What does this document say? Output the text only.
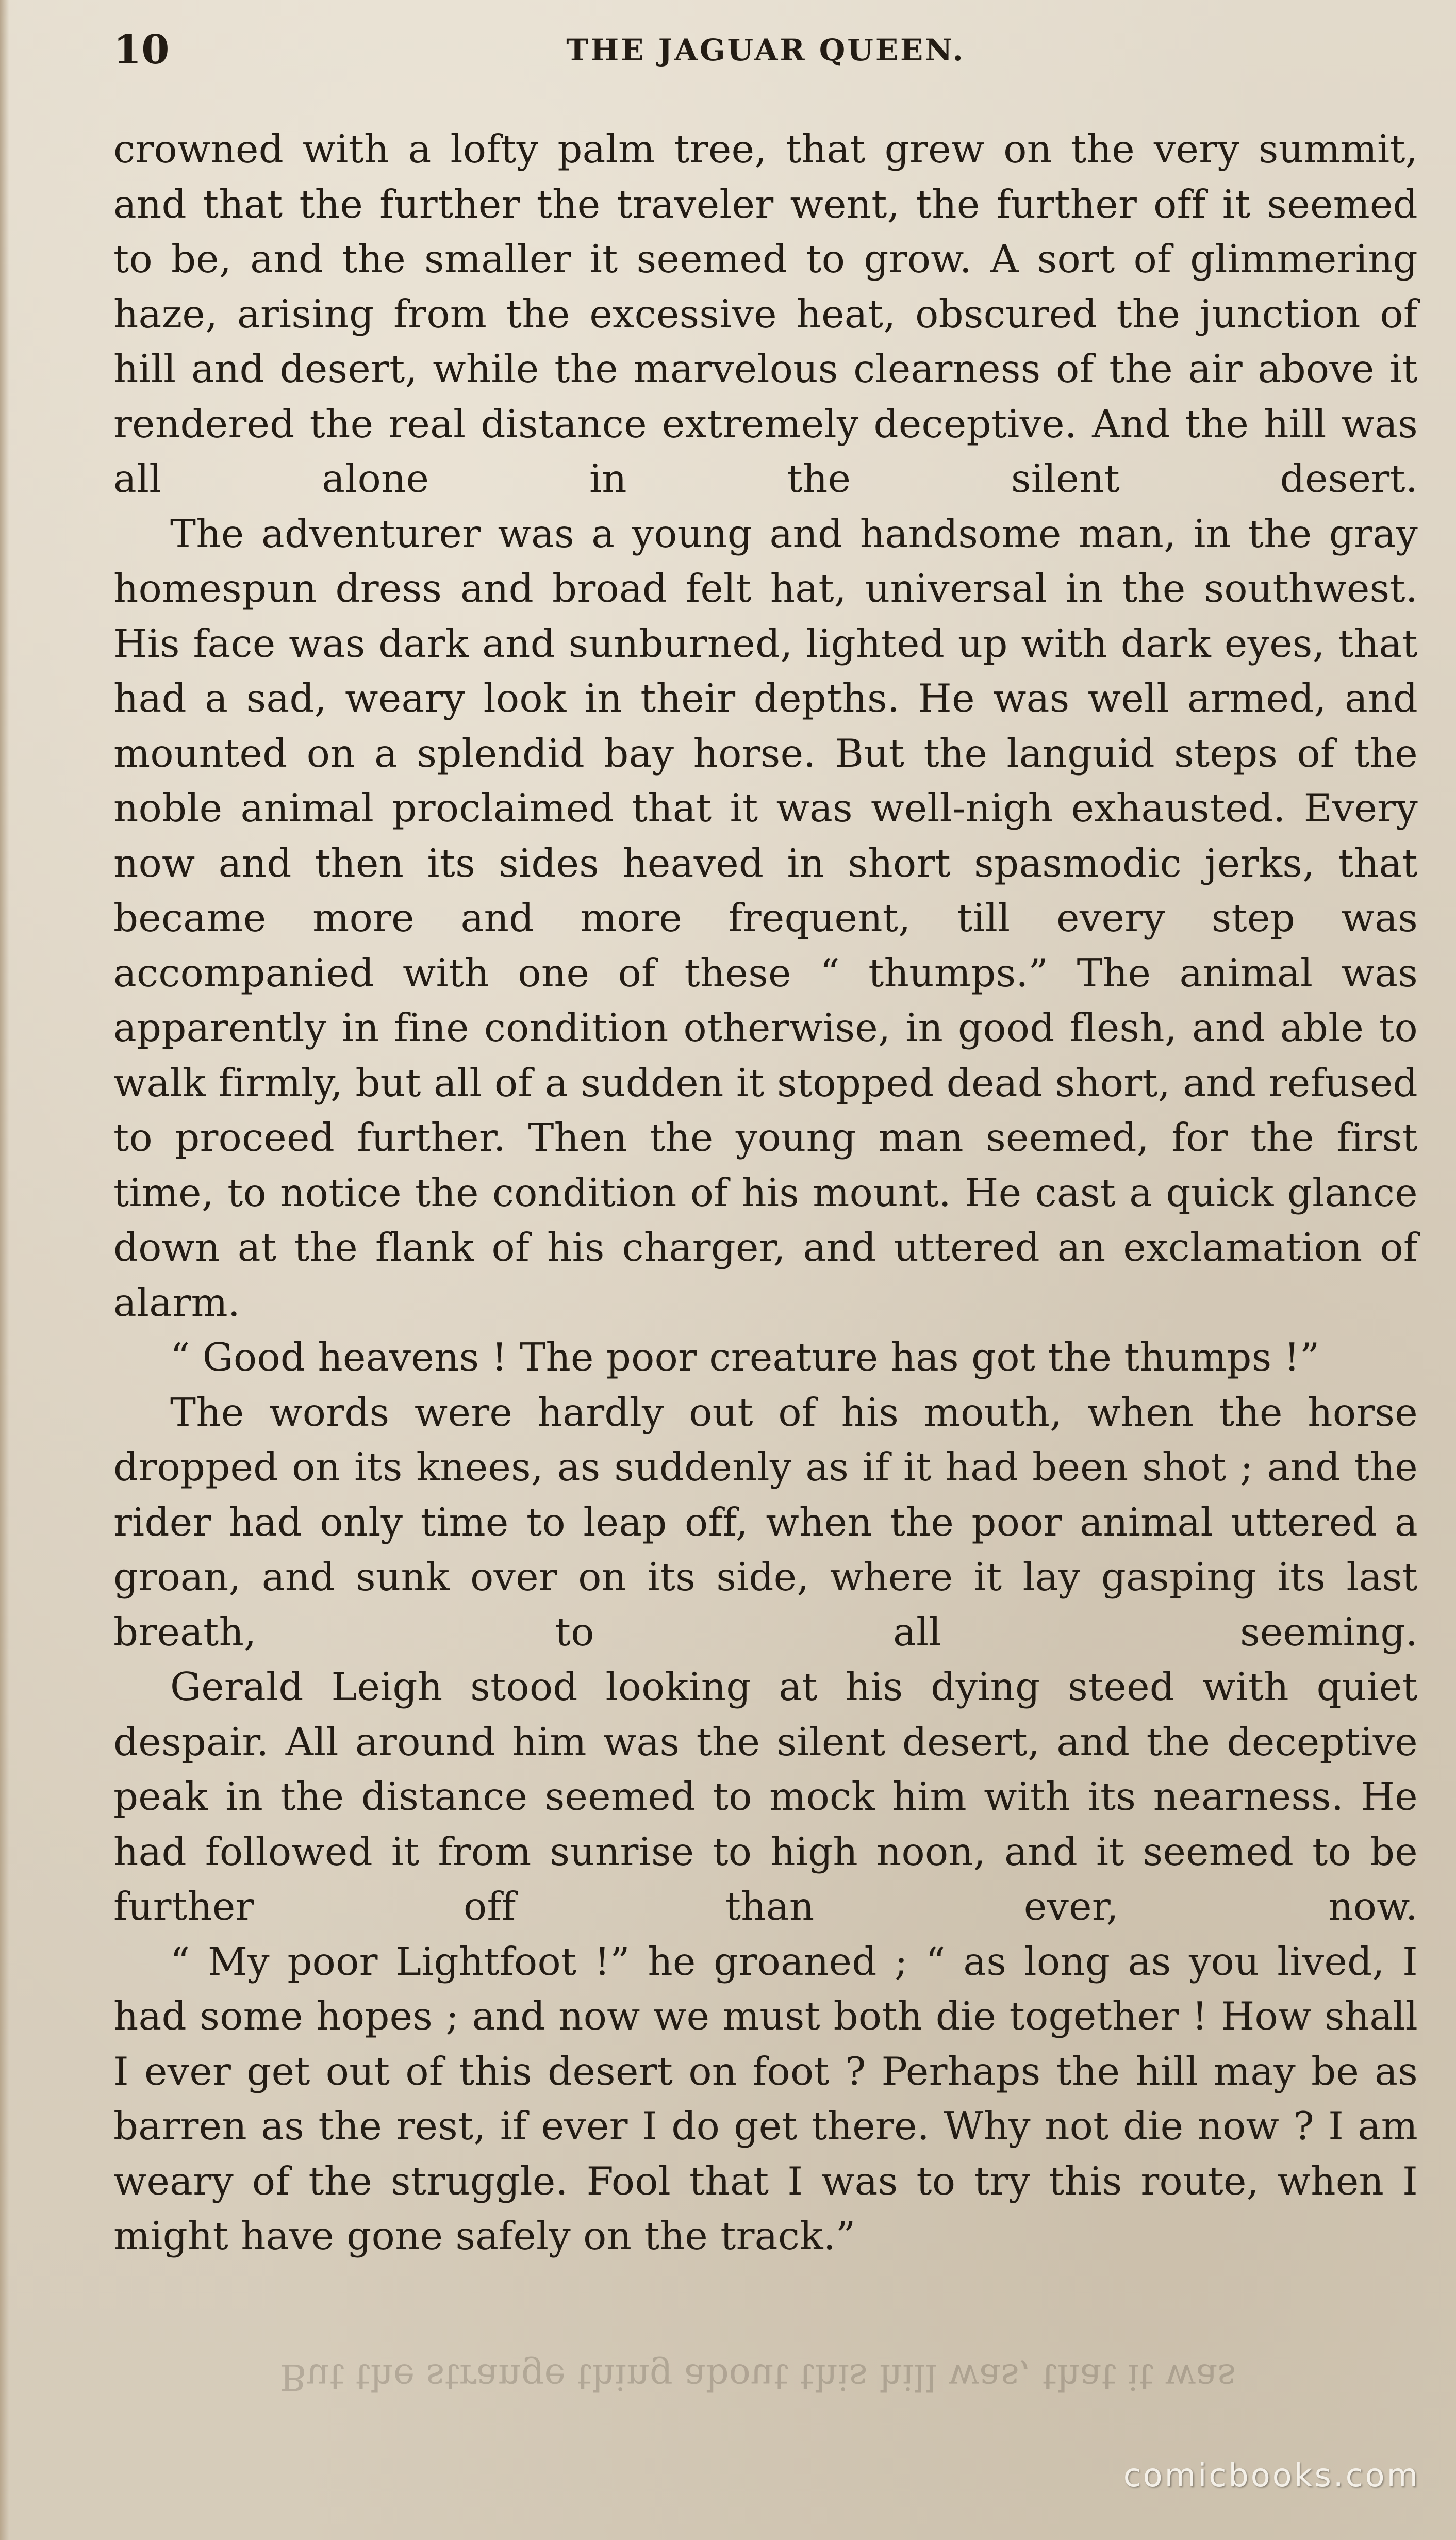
10	THE JAGUAR QUEEN.

crowned with a lofty palm tree, that grew on the very summit, and that the further the traveler went, the further off it seemed to be, and the smaller it seemed to grow. A sort of glimmering haze, arising from the excessive heat, obscured the junction of hill and desert, while the marvelous clearness of the air above it rendered the real distance extremely deceptive. And the hill was all alone in the silent desert.

The adventurer was a young and handsome man, in the gray homespun dress and broad felt hat, universal in the southwest. His face was dark and sunburned, lighted up with dark eyes, that had a sad, weary look in their depths. He was well armed, and mounted on a splendid bay horse. But the languid steps of the noble animal proclaimed that it was well-nigh exhausted. Every now and then its sides heaved in short spasmodic jerks, that became more and more frequent, till every step was accompanied with one of these “ thumps.” The animal was apparently in fine condition otherwise, in good flesh, and able to walk firmly, but all of a sudden it stopped dead short, and refused to proceed further. Then the young man seemed, for the first time, to notice the condition of his mount. He cast a quick glance down at the flank of his charger, and uttered an exclamation of alarm.

“ Good heavens ! The poor creature has got the thumps !”

The words were hardly out of his mouth, when the horse dropped on its knees, as suddenly as if it had been shot ; and the rider had only time to leap off, when the poor animal uttered a groan, and sunk over on its side, where it lay gasping its last breath, to all seeming.

Gerald Leigh stood looking at his dying steed with quiet despair. All around him was the silent desert, and the deceptive peak in the distance seemed to mock him with its nearness. He had followed it from sunrise to high noon, and it seemed to be further off than ever, now.

“ My poor Lightfoot !” he groaned ; “ as long as you lived, I had some hopes ; and now we must both die together ! How shall I ever get out of this desert on foot ? Perhaps the hill may be as barren as the rest, if ever I do get there. Why not die now ? I am weary of the struggle. Fool that I was to try this route, when I might have gone safely on the track.”

But the strange thing about this hill was, that it was
comicbooks.com
